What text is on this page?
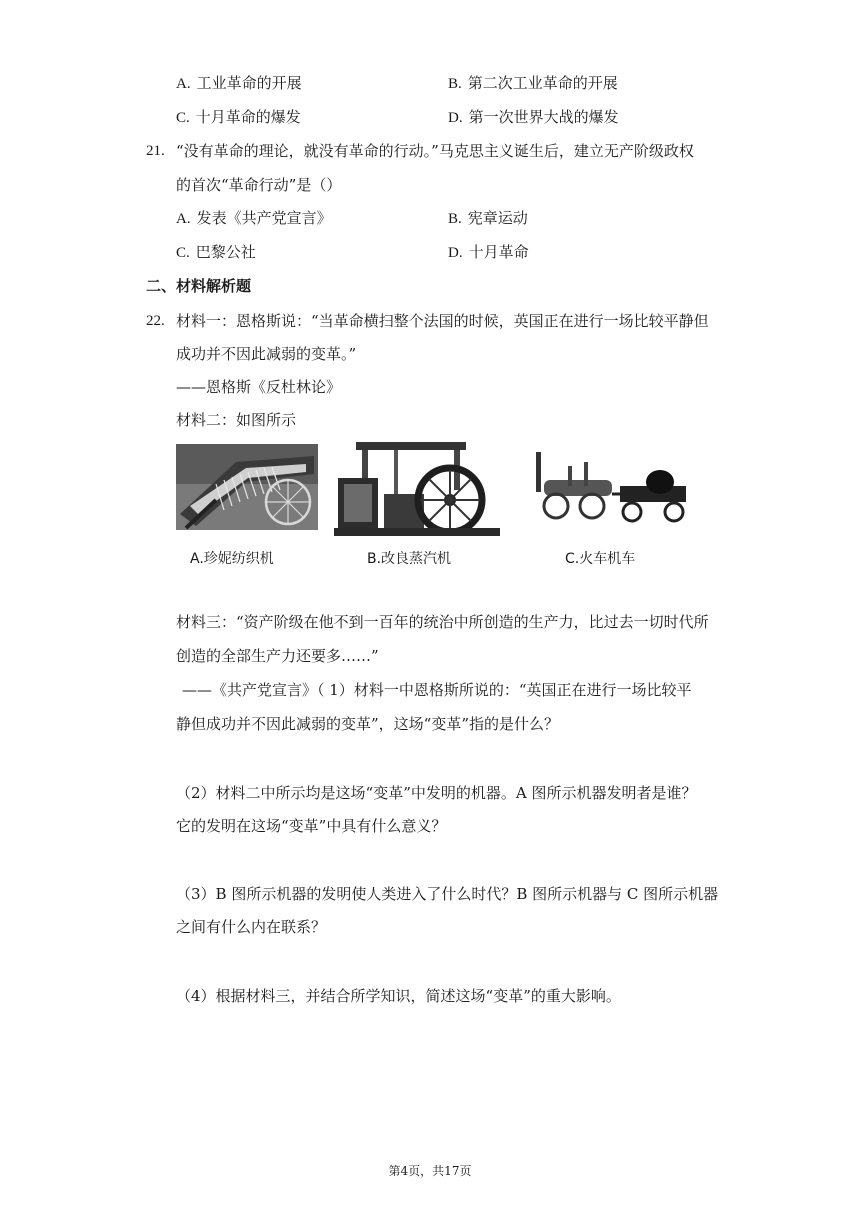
A. 工业革命的开展	B. 第二次工业革命的开展
C. 十月革命的爆发	D. 第一次世界大战的爆发
21. “没有革命的理论，就没有革命的行动。”马克思主义诞生后，建立无产阶级政权
的首次“革命行动”是（）
A. 发表《共产党宣言》	B. 宪章运动
C. 巴黎公社	D. 十月革命
二、材料解析题
22. 材料一：恩格斯说：“当革命横扫整个法国的时候，英国正在进行一场比较平静但
成功并不因此减弱的变革。”
——恩格斯《反杜林论》
材料二：如图所示
A.珍妮纺织机	B.改良蒸汽机	C.火车机车
材料三：“资产阶级在他不到一百年的统治中所创造的生产力，比过去一切时代所
创造的全部生产力还要多……”
——《共产党宣言》（ 1）材料一中恩格斯所说的：“英国正在进行一场比较平
静但成功并不因此减弱的变革”，这场“变革”指的是什么？
（2）材料二中所示均是这场“变革”中发明的机器。A 图所示机器发明者是谁？
它的发明在这场“变革”中具有什么意义？
（3）B 图所示机器的发明使人类进入了什么时代？B 图所示机器与 C 图所示机器
之间有什么内在联系？
（4）根据材料三，并结合所学知识，简述这场“变革”的重大影响。
第4页，共17页
